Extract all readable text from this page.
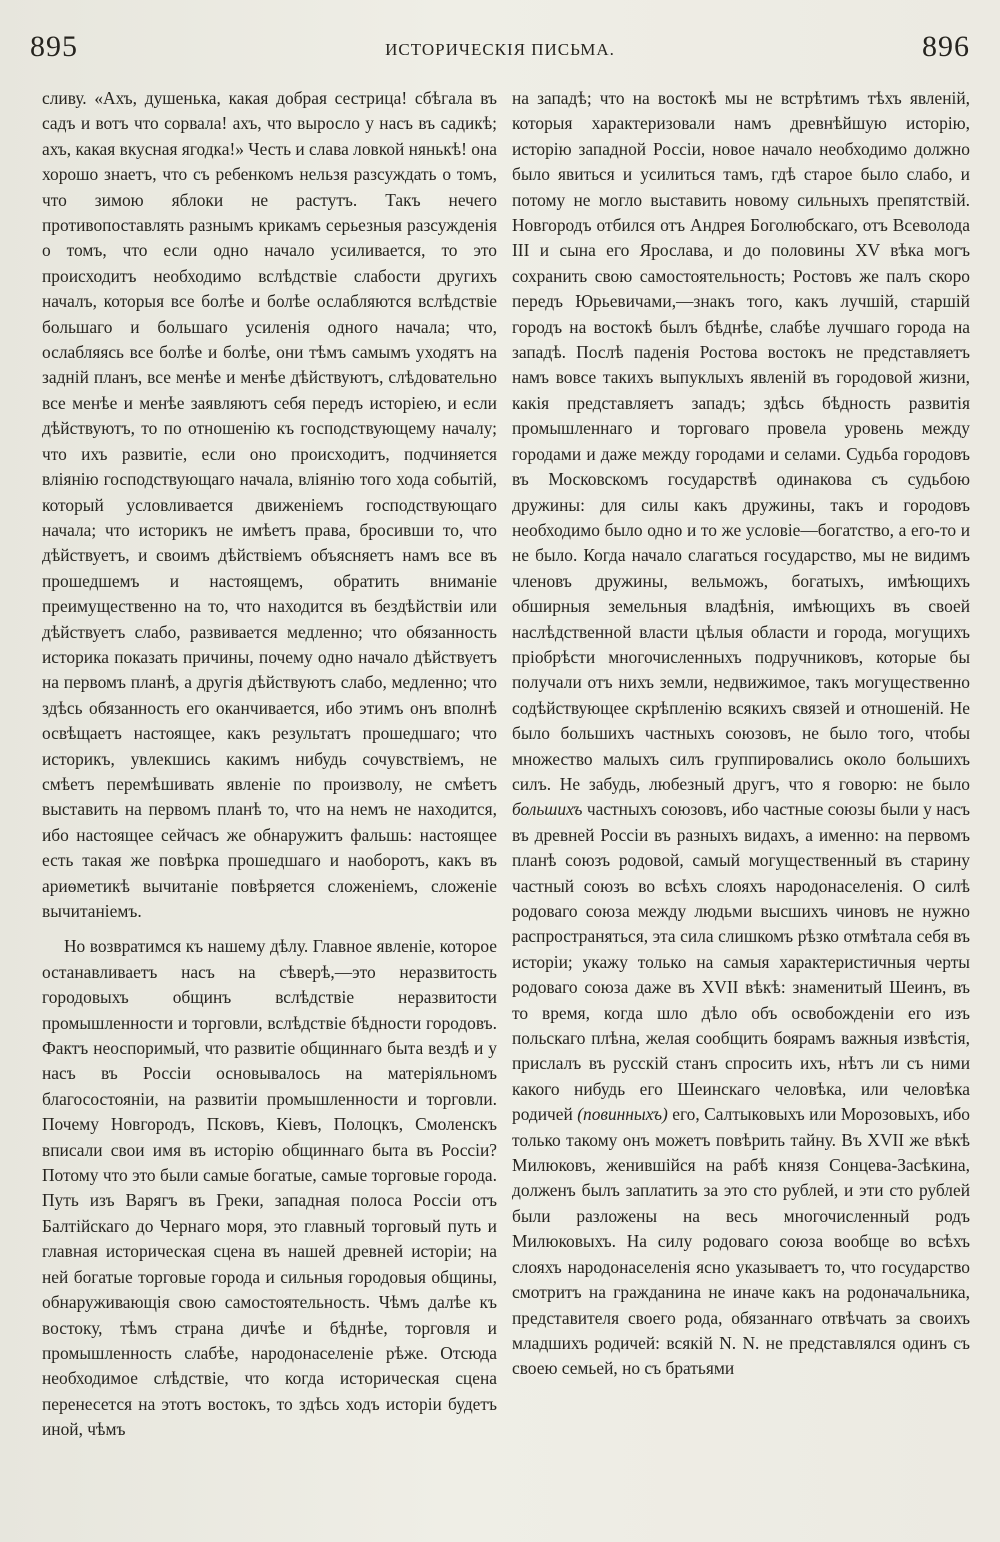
895	ИСТОРИЧЕСКІЯ ПИСЬМА.	896

сливу. «Ахъ, душенька, какая добрая сестрица! сбѣгала въ садъ и вотъ что сорвала! ахъ, что выросло у насъ въ садикѣ; ахъ, какая вкусная ягодка!» Честь и слава ловкой нянькѣ! она хорошо знаетъ, что съ ребенкомъ нельзя разсуждать о томъ, что зимою яблоки не растутъ. Такъ нечего противопоставлять разнымъ крикамъ серьезныя разсужденія о томъ, что если одно начало усиливается, то это происходитъ необходимо вслѣдствіе слабости другихъ началъ, которыя все болѣе и болѣе ослабляются вслѣдствіе большаго и большаго усиленія одного начала; что, ослабляясь все болѣе и болѣе, они тѣмъ самымъ уходятъ на задній планъ, все менѣе и менѣе дѣйствуютъ, слѣдовательно все менѣе и менѣе заявляютъ себя передъ исторіею, и если дѣйствуютъ, то по отношенію къ господствующему началу; что ихъ развитіе, если оно происходитъ, подчиняется вліянію господствующаго начала, вліянію того хода событій, который условливается движеніемъ господствующаго начала; что историкъ не имѣетъ права, бросивши то, что дѣйствуетъ, и своимъ дѣйствіемъ объясняетъ намъ все въ прошедшемъ и настоящемъ, обратить вниманіе преимущественно на то, что находится въ бездѣйствіи или дѣйствуетъ слабо, развивается медленно; что обязанность историка показать причины, почему одно начало дѣйствуетъ на первомъ планѣ, а другія дѣйствуютъ слабо, медленно; что здѣсь обязанность его оканчивается, ибо этимъ онъ вполнѣ освѣщаетъ настоящее, какъ результатъ прошедшаго; что историкъ, увлекшись какимъ нибудь сочувствіемъ, не смѣетъ перемѣшивать явленіе по произволу, не смѣетъ выставить на первомъ планѣ то, что на немъ не находится, ибо настоящее сейчасъ же обнаружитъ фальшь: настоящее есть такая же повѣрка прошедшаго и наоборотъ, какъ въ ариѳметикѣ вычитаніе повѣряется сложеніемъ, сложеніе вычитаніемъ.

Но возвратимся къ нашему дѣлу. Главное явленіе, которое останавливаетъ насъ на сѣверѣ,—это неразвитость городовыхъ общинъ вслѣдствіе неразвитости промышленности и торговли, вслѣдствіе бѣдности городовъ. Фактъ неоспоримый, что развитіе общиннаго быта вездѣ и у насъ въ Россіи основывалось на матеріяльномъ благосостояніи, на развитіи промышленности и торговли. Почему Новгородъ, Псковъ, Кіевъ, Полоцкъ, Смоленскъ вписали свои имя въ исторію общиннаго быта въ Россіи? Потому что это были самые богатые, самые торговые города. Путь изъ Варягъ въ Греки, западная полоса Россіи отъ Балтійскаго до Чернаго моря, это главный торговый путь и главная историческая сцена въ нашей древней исторіи; на ней богатые торговые города и сильныя городовыя общины, обнаруживающія свою самостоятельность. Чѣмъ далѣе къ востоку, тѣмъ страна дичѣе и бѣднѣе, торговля и промышленность слабѣе, народонаселеніе рѣже. Отсюда необходимое слѣдствіе, что когда историческая сцена перенесется на этотъ востокъ, то здѣсь ходъ исторіи будетъ иной, чѣмъ

на западѣ; что на востокѣ мы не встрѣтимъ тѣхъ явленій, которыя характеризовали намъ древнѣйшую исторію, исторію западной Россіи, новое начало необходимо должно было явиться и усилиться тамъ, гдѣ старое было слабо, и потому не могло выставить новому сильныхъ препятствій. Новгородъ отбился отъ Андрея Боголюбскаго, отъ Всеволода III и сына его Ярослава, и до половины XV вѣка могъ сохранить свою самостоятельность; Ростовъ же палъ скоро передъ Юрьевичами,—знакъ того, какъ лучшій, старшій городъ на востокѣ былъ бѣднѣе, слабѣе лучшаго города на западѣ. Послѣ паденія Ростова востокъ не представляетъ намъ вовсе такихъ выпуклыхъ явленій въ городовой жизни, какія представляетъ западъ; здѣсь бѣдность развитія промышленнаго и торговаго провела уровень между городами и даже между городами и селами. Судьба городовъ въ Московскомъ государствѣ одинакова съ судьбою дружины: для силы какъ дружины, такъ и городовъ необходимо было одно и то же условіе—богатство, а его-то и не было. Когда начало слагаться государство, мы не видимъ членовъ дружины, вельможъ, богатыхъ, имѣющихъ обширныя земельныя владѣнія, имѣющихъ въ своей наслѣдственной власти цѣлыя области и города, могущихъ пріобрѣсти многочисленныхъ подручниковъ, которые бы получали отъ нихъ земли, недвижимое, такъ могущественно содѣйствующее скрѣпленію всякихъ связей и отношеній. Не было большихъ частныхъ союзовъ, не было того, чтобы множество малыхъ силъ группировались около большихъ силъ. Не забудь, любезный другъ, что я говорю: не было большихъ частныхъ союзовъ, ибо частные союзы были у насъ въ древней Россіи въ разныхъ видахъ, а именно: на первомъ планѣ союзъ родовой, самый могущественный въ старину частный союзъ во всѣхъ слояхъ народонаселенія. О силѣ родоваго союза между людьми высшихъ чиновъ не нужно распространяться, эта сила слишкомъ рѣзко отмѣтала себя въ исторіи; укажу только на самыя характеристичныя черты родоваго союза даже въ XVII вѣкѣ: знаменитый Шеинъ, въ то время, когда шло дѣло объ освобожденіи его изъ польскаго плѣна, желая сообщить боярамъ важныя извѣстія, прислалъ въ русскій станъ спросить ихъ, нѣтъ ли съ ними какого нибудь его Шеинскаго человѣка, или человѣка родичей (повинныхъ) его, Салтыковыхъ или Морозовыхъ, ибо только такому онъ можетъ повѣрить тайну. Въ XVII же вѣкѣ Милюковъ, женившійся на рабѣ князя Сонцева-Засѣкина, долженъ былъ заплатить за это сто рублей, и эти сто рублей были разложены на весь многочисленный родъ Милюковыхъ. На силу родоваго союза вообще во всѣхъ слояхъ народонаселенія ясно указываетъ то, что государство смотритъ на гражданина не иначе какъ на родоначальника, представителя своего рода, обязаннаго отвѣчать за своихъ младшихъ родичей: всякій N. N. не представлялся одинъ съ своею семьей, но съ братьями
